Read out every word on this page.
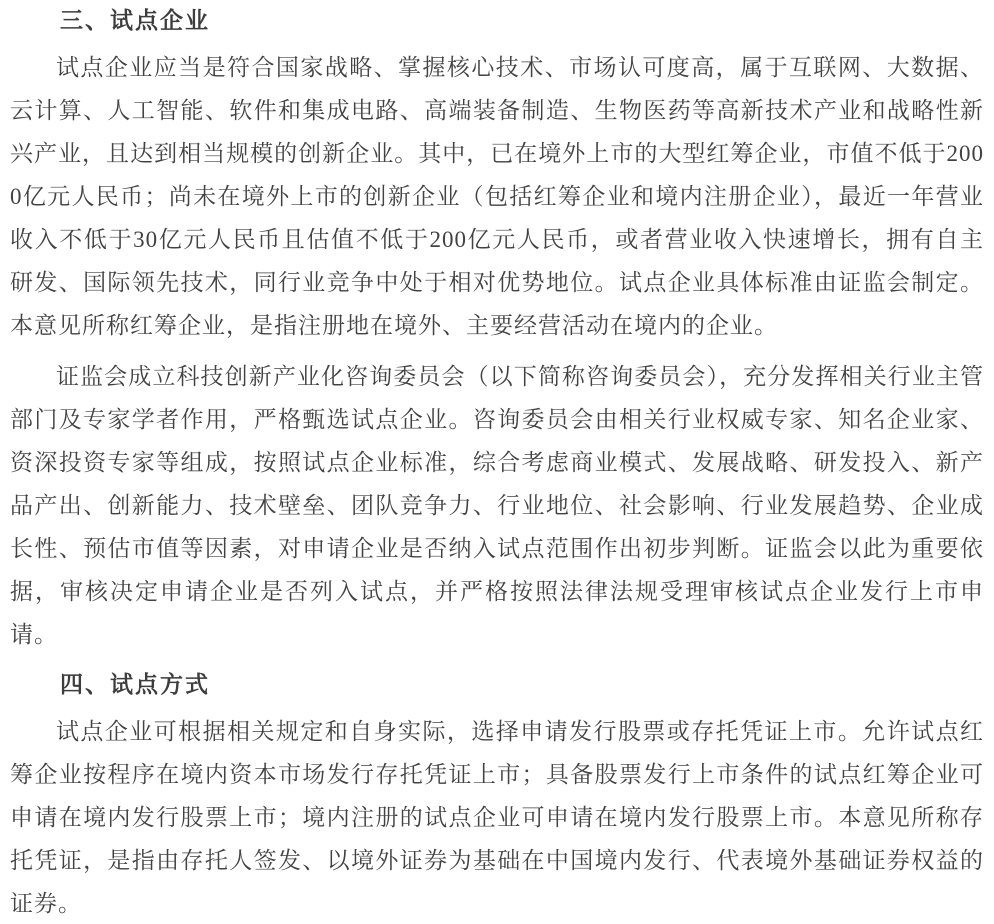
三、试点企业

试点企业应当是符合国家战略、掌握核心技术、市场认可度高，属于互联网、大数据、云计算、人工智能、软件和集成电路、高端装备制造、生物医药等高新技术产业和战略性新兴产业，且达到相当规模的创新企业。其中，已在境外上市的大型红筹企业，市值不低于2000亿元人民币；尚未在境外上市的创新企业（包括红筹企业和境内注册企业），最近一年营业收入不低于30亿元人民币且估值不低于200亿元人民币，或者营业收入快速增长，拥有自主研发、国际领先技术，同行业竞争中处于相对优势地位。试点企业具体标准由证监会制定。本意见所称红筹企业，是指注册地在境外、主要经营活动在境内的企业。

证监会成立科技创新产业化咨询委员会（以下简称咨询委员会），充分发挥相关行业主管部门及专家学者作用，严格甄选试点企业。咨询委员会由相关行业权威专家、知名企业家、资深投资专家等组成，按照试点企业标准，综合考虑商业模式、发展战略、研发投入、新产品产出、创新能力、技术壁垒、团队竞争力、行业地位、社会影响、行业发展趋势、企业成长性、预估市值等因素，对申请企业是否纳入试点范围作出初步判断。证监会以此为重要依据，审核决定申请企业是否列入试点，并严格按照法律法规受理审核试点企业发行上市申请。

四、试点方式

试点企业可根据相关规定和自身实际，选择申请发行股票或存托凭证上市。允许试点红筹企业按程序在境内资本市场发行存托凭证上市；具备股票发行上市条件的试点红筹企业可申请在境内发行股票上市；境内注册的试点企业可申请在境内发行股票上市。本意见所称存托凭证，是指由存托人签发、以境外证券为基础在中国境内发行、代表境外基础证券权益的证券。
